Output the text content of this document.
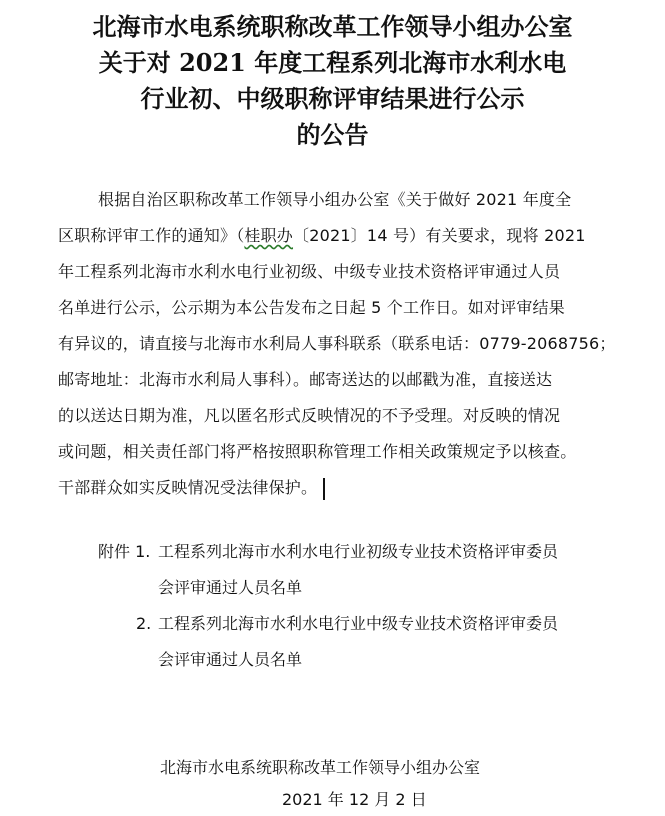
北海市水电系统职称改革工作领导小组办公室
关于对 2021 年度工程系列北海市水利水电
行业初、中级职称评审结果进行公示
的公告
根据自治区职称改革工作领导小组办公室《关于做好 2021 年度全
区职称评审工作的通知》（桂职办〔2021〕14 号）有关要求，现将 2021
年工程系列北海市水利水电行业初级、中级专业技术资格评审通过人员
名单进行公示，公示期为本公告发布之日起 5 个工作日。如对评审结果
有异议的，请直接与北海市水利局人事科联系（联系电话：0779-2068756；
邮寄地址：北海市水利局人事科）。邮寄送达的以邮戳为准，直接送达
的以送达日期为准，凡以匿名形式反映情况的不予受理。对反映的情况
或问题，相关责任部门将严格按照职称管理工作相关政策规定予以核查。
干部群众如实反映情况受法律保护。
附件 1. 工程系列北海市水利水电行业初级专业技术资格评审委员
会评审通过人员名单
2. 工程系列北海市水利水电行业中级专业技术资格评审委员
会评审通过人员名单
北海市水电系统职称改革工作领导小组办公室
2021 年 12 月 2 日
